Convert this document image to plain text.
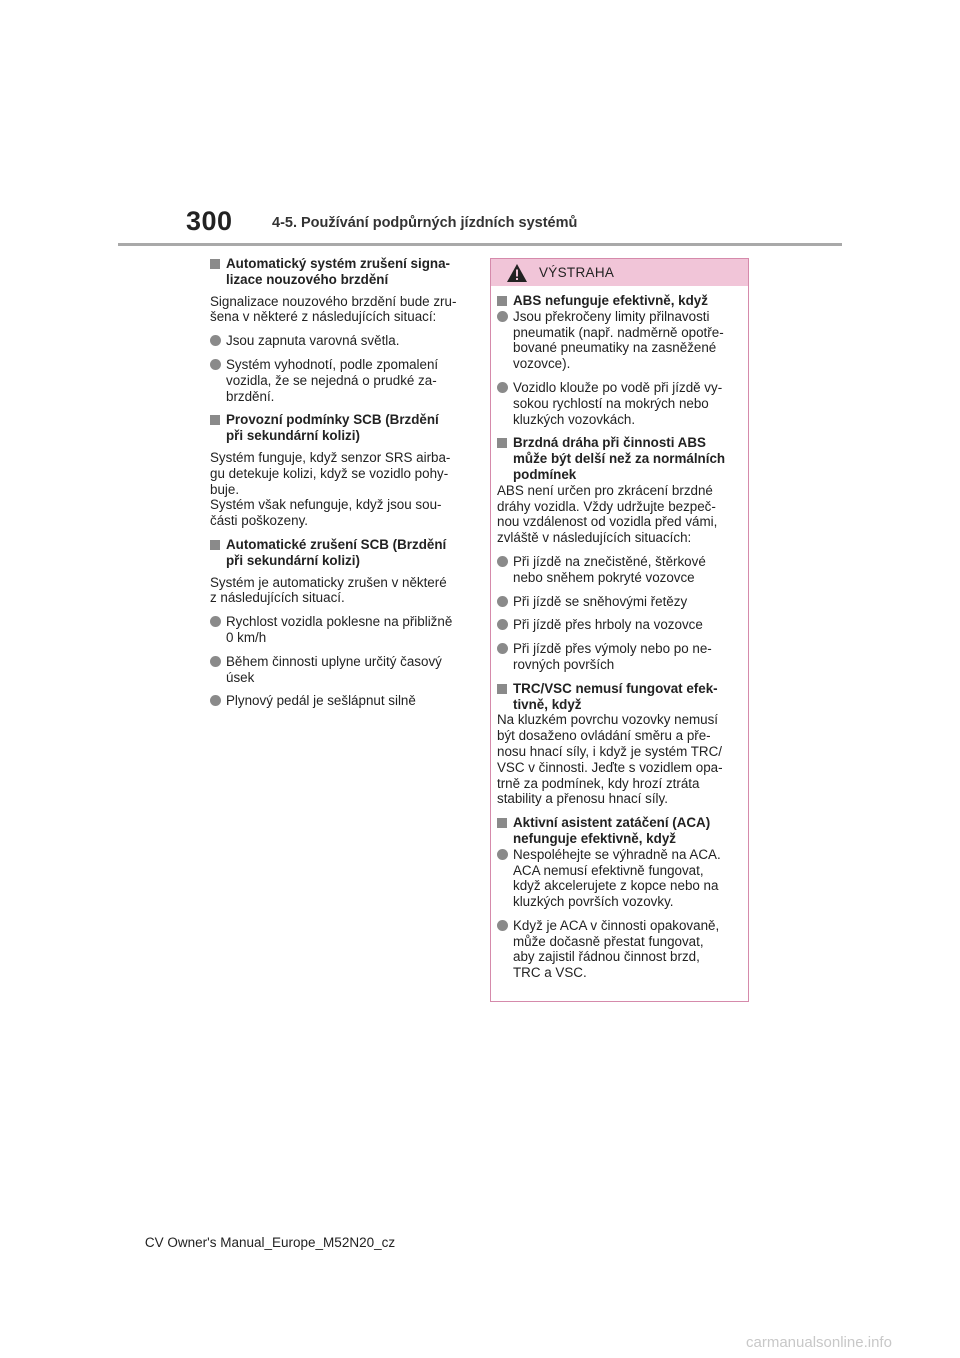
300	4-5. Používání podpůrných jízdních systémů
Automatický systém zrušení signa-
lizace nouzového brzdění
Signalizace nouzového brzdění bude zru-
šena v některé z následujících situací:
Jsou zapnuta varovná světla.
Systém vyhodnotí, podle zpomalení
vozidla, že se nejedná o prudké za-
brzdění.
Provozní podmínky SCB (Brzdění
při sekundární kolizi)
Systém funguje, když senzor SRS airba-
gu detekuje kolizi, když se vozidlo pohy-
buje.
Systém však nefunguje, když jsou sou-
části poškozeny.
Automatické zrušení SCB (Brzdění
při sekundární kolizi)
Systém je automaticky zrušen v některé
z následujících situací.
Rychlost vozidla poklesne na přibližně
0 km/h
Během činnosti uplyne určitý časový
úsek
Plynový pedál je sešlápnut silně
VÝSTRAHA
ABS nefunguje efektivně, když
Jsou překročeny limity přilnavosti
pneumatik (např. nadměrně opotře-
bované pneumatiky na zasněžené
vozovce).
Vozidlo klouže po vodě při jízdě vy-
sokou rychlostí na mokrých nebo
kluzkých vozovkách.
Brzdná dráha při činnosti ABS
může být delší než za normálních
podmínek
ABS není určen pro zkrácení brzdné
dráhy vozidla. Vždy udržujte bezpeč-
nou vzdálenost od vozidla před vámi,
zvláště v následujících situacích:
Při jízdě na znečistěné, štěrkové
nebo sněhem pokryté vozovce
Při jízdě se sněhovými řetězy
Při jízdě přes hrboly na vozovce
Při jízdě přes výmoly nebo po ne-
rovných površích
TRC/VSC nemusí fungovat efek-
tivně, když
Na kluzkém povrchu vozovky nemusí
být dosaženo ovládání směru a pře-
nosu hnací síly, i když je systém TRC/
VSC v činnosti. Jeďte s vozidlem opa-
trně za podmínek, kdy hrozí ztráta
stability a přenosu hnací síly.
Aktivní asistent zatáčení (ACA)
nefunguje efektivně, když
Nespoléhejte se výhradně na ACA.
ACA nemusí efektivně fungovat,
když akcelerujete z kopce nebo na
kluzkých površích vozovky.
Když je ACA v činnosti opakovaně,
může dočasně přestat fungovat,
aby zajistil řádnou činnost brzd,
TRC a VSC.
CV Owner's Manual_Europe_M52N20_cz
carmanualsonline.info
